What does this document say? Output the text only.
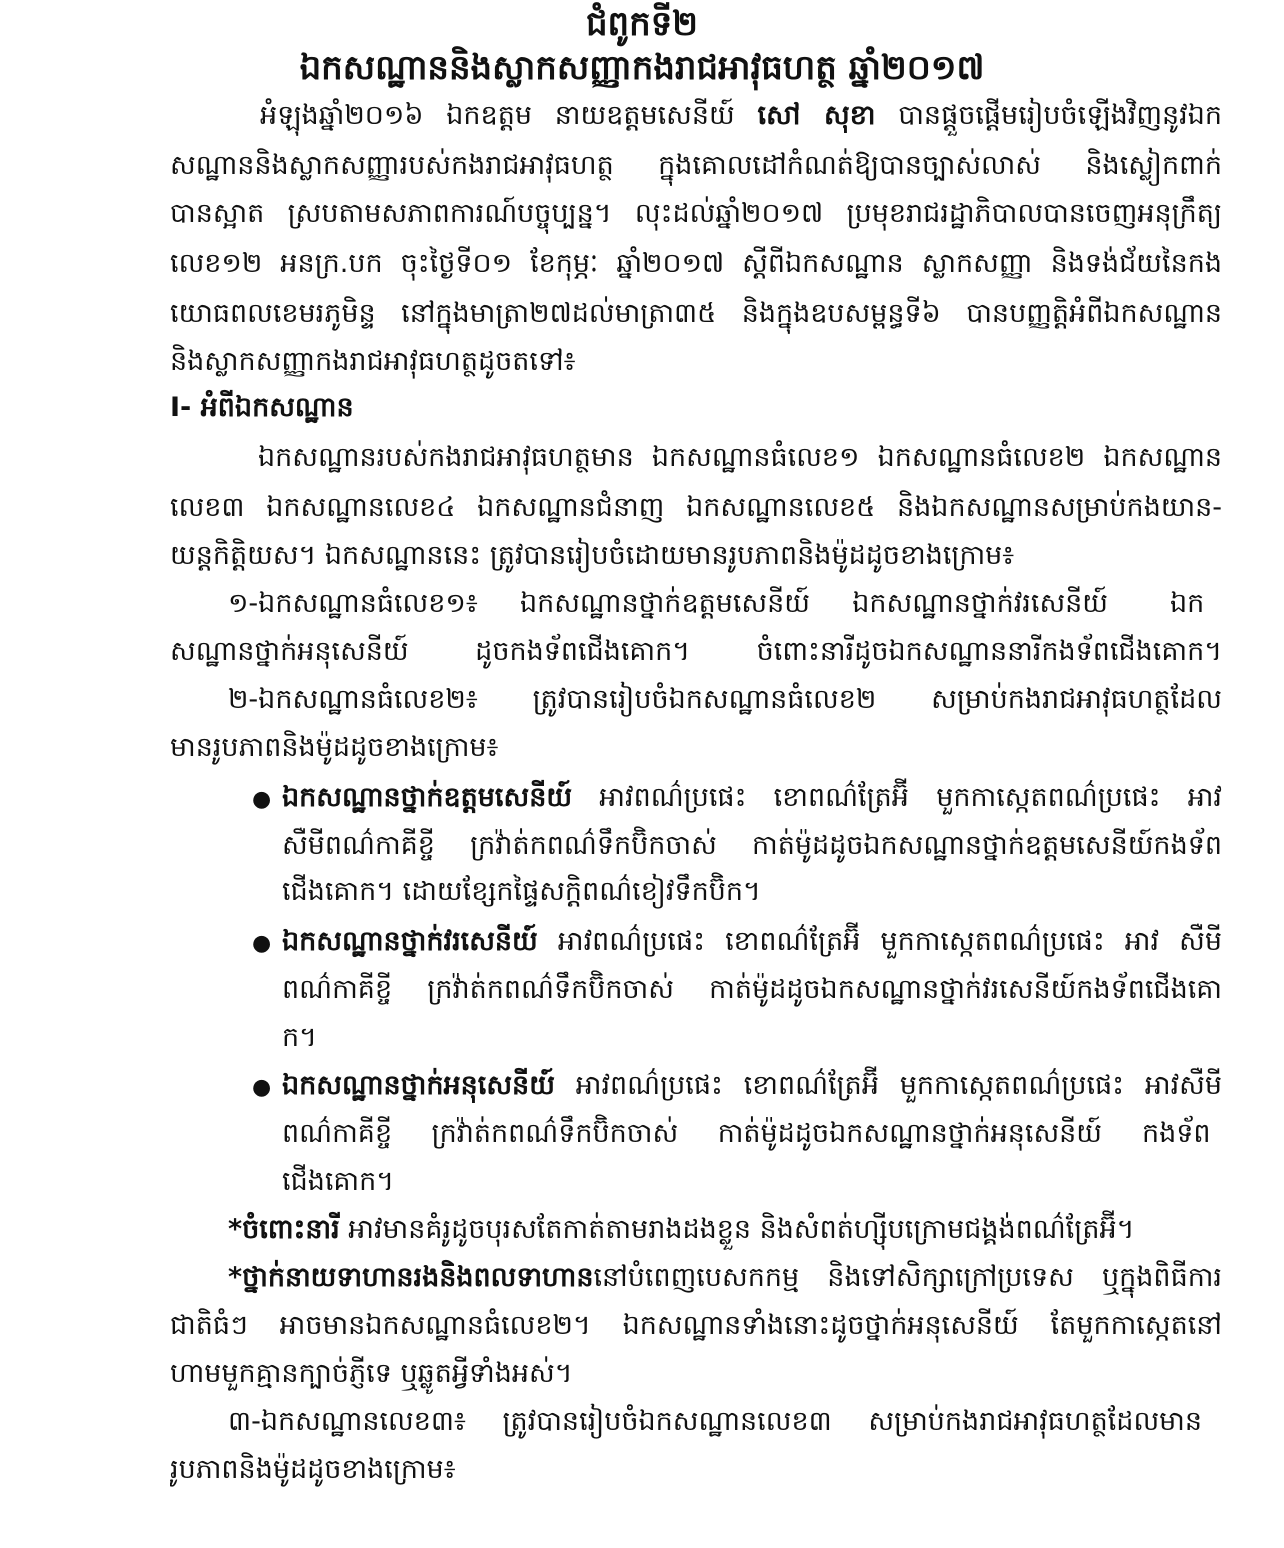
ជំពូកទី២
ឯកសណ្ឋាននិងស្លាកសញ្ញាកងរាជអាវុធហត្ថ ឆ្នាំ២០១៧
អំឡុងឆ្នាំ២០១៦ ឯកឧត្តម នាយឧត្តមសេនីយ៍ សៅ សុខា បានផ្តួចផ្តើមរៀបចំឡើងវិញនូវឯក
សណ្ឋាននិងស្លាកសញ្ញារបស់កងរាជអាវុធហត្ថ ក្នុងគោលដៅកំណត់ឱ្យបានច្បាស់លាស់ និងស្លៀកពាក់
បានស្អាត ស្របតាមសភាពការណ៍បច្ចុប្បន្ន។ លុះដល់ឆ្នាំ២០១៧ ប្រមុខរាជរដ្ឋាភិបាលបានចេញអនុក្រឹត្យ
លេខ១២ អនក្រ.បក ចុះថ្ងៃទី០១ ខែកុម្ភៈ ឆ្នាំ២០១៧ ស្តីពីឯកសណ្ឋាន ស្លាកសញ្ញា និងទង់ជ័យនៃកង
យោធពលខេមរភូមិន្ទ នៅក្នុងមាត្រា២៧ដល់មាត្រា៣៥ និងក្នុងឧបសម្ពន្ធទី៦ បានបញ្ញត្តិអំពីឯកសណ្ឋាន
និងស្លាកសញ្ញាកងរាជអាវុធហត្ថដូចតទៅ៖
I- អំពីឯកសណ្ឋាន
ឯកសណ្ឋានរបស់កងរាជអាវុធហត្ថមាន ឯកសណ្ឋានធំលេខ១ ឯកសណ្ឋានធំលេខ២ ឯកសណ្ឋាន
លេខ៣ ឯកសណ្ឋានលេខ៤ ឯកសណ្ឋានជំនាញ ឯកសណ្ឋានលេខ៥ និងឯកសណ្ឋានសម្រាប់កងយាន-
យន្តកិត្តិយស។ ឯកសណ្ឋាននេះ ត្រូវបានរៀបចំដោយមានរូបភាពនិងម៉ូដដូចខាងក្រោម៖
១-ឯកសណ្ឋានធំលេខ១៖ ឯកសណ្ឋានថ្នាក់ឧត្តមសេនីយ៍ ឯកសណ្ឋានថ្នាក់វរសេនីយ៍ ឯក
សណ្ឋានថ្នាក់អនុសេនីយ៍ ដូចកងទ័ពជើងគោក។ ចំពោះនារីដូចឯកសណ្ឋាននារីកងទ័ពជើងគោក។
២-ឯកសណ្ឋានធំលេខ២៖ ត្រូវបានរៀបចំឯកសណ្ឋានធំលេខ២ សម្រាប់កងរាជអាវុធហត្ថដែល
មានរូបភាពនិងម៉ូដដូចខាងក្រោម៖
● ឯកសណ្ឋានថ្នាក់ឧត្តមសេនីយ៍ អាវពណ៌ប្រផេះ ខោពណ៌ត្រែអ៊ី មួកកាស្កេតពណ៌ប្រផេះ អាវ
សឺមីពណ៌កាគីខ្ចី ក្រវ៉ាត់កពណ៌ទឹកប៊ិកចាស់ កាត់ម៉ូដដូចឯកសណ្ឋានថ្នាក់ឧត្តមសេនីយ៍កងទ័ព
ជើងគោក។ ដោយខ្សែកផ្ទៃសក្តិពណ៌ខៀវទឹកប៊ិក។
● ឯកសណ្ឋានថ្នាក់វរសេនីយ៍ អាវពណ៌ប្រផេះ ខោពណ៌ត្រែអ៊ី មួកកាស្កេតពណ៌ប្រផេះ អាវ សឺមី
ពណ៌កាគីខ្ចី ក្រវ៉ាត់កពណ៌ទឹកប៊ិកចាស់ កាត់ម៉ូដដូចឯកសណ្ឋានថ្នាក់វរសេនីយ៍កងទ័ពជើងគោ
ក។
● ឯកសណ្ឋានថ្នាក់អនុសេនីយ៍ អាវពណ៌ប្រផេះ ខោពណ៌ត្រែអ៊ី មួកកាស្កេតពណ៌ប្រផេះ អាវសឺមី
ពណ៌កាគីខ្ចី ក្រវ៉ាត់កពណ៌ទឹកប៊ិកចាស់ កាត់ម៉ូដដូចឯកសណ្ឋានថ្នាក់អនុសេនីយ៍ កងទ័ព
ជើងគោក។
*ចំពោះនារី អាវមានគំរូដូចបុរសតែកាត់តាមរាងដងខ្លួន និងសំពត់ហ្ស៊ីបក្រោមជង្គង់ពណ៌ត្រែអ៊ី។
*ថ្នាក់នាយទាហានរងនិងពលទាហាននៅបំពេញបេសកកម្ម និងទៅសិក្សាក្រៅប្រទេស ឬក្នុងពិធីការ
ជាតិធំៗ អាចមានឯកសណ្ឋានធំលេខ២។ ឯកសណ្ឋានទាំងនោះដូចថ្នាក់អនុសេនីយ៍ តែមួកកាស្កេតនៅ
ហាមមួកគ្មានក្បាច់ភ្ញីទេ ឬឆ្លូតអ្វីទាំងអស់។
៣-ឯកសណ្ឋានលេខ៣៖ ត្រូវបានរៀបចំឯកសណ្ឋានលេខ៣ សម្រាប់កងរាជអាវុធហត្ថដែលមាន
រូបភាពនិងម៉ូដដូចខាងក្រោម៖
